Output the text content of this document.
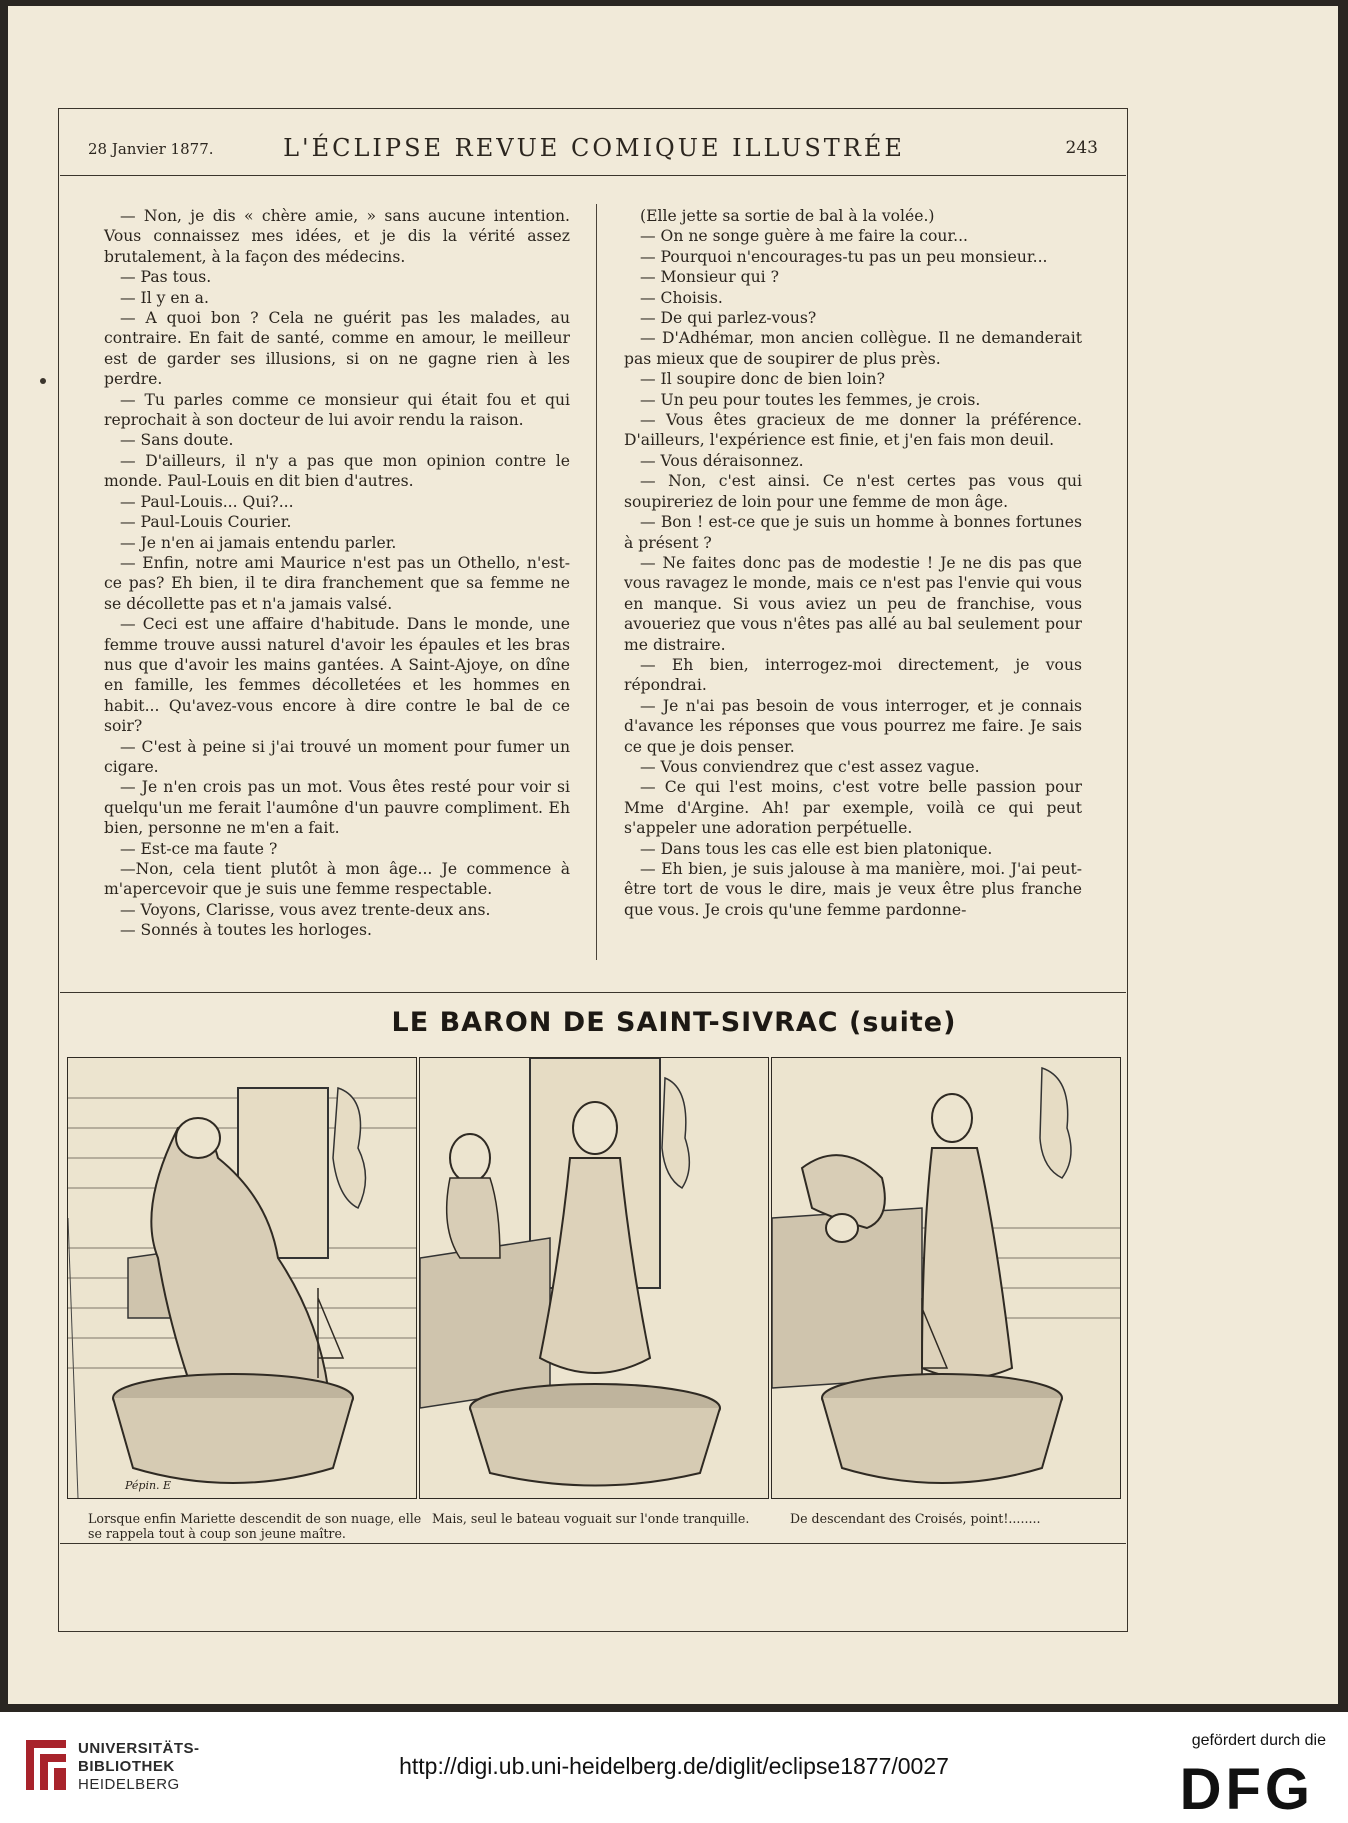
28 Janvier 1877.	L'ÉCLIPSE REVUE COMIQUE ILLUSTRÉE	243

— Non, je dis « chère amie, » sans aucune intention. Vous connaissez mes idées, et je dis la vérité assez brutalement, à la façon des médecins.

— Pas tous.

— Il y en a.

— A quoi bon ? Cela ne guérit pas les malades, au contraire. En fait de santé, comme en amour, le meilleur est de garder ses illusions, si on ne gagne rien à les perdre.

— Tu parles comme ce monsieur qui était fou et qui reprochait à son docteur de lui avoir rendu la raison.

— Sans doute.

— D'ailleurs, il n'y a pas que mon opinion contre le monde. Paul-Louis en dit bien d'autres.

— Paul-Louis... Qui?...

— Paul-Louis Courier.

— Je n'en ai jamais entendu parler.

— Enfin, notre ami Maurice n'est pas un Othello, n'est-ce pas? Eh bien, il te dira franchement que sa femme ne se décollette pas et n'a jamais valsé.

— Ceci est une affaire d'habitude. Dans le monde, une femme trouve aussi naturel d'avoir les épaules et les bras nus que d'avoir les mains gantées. A Saint-Ajoye, on dîne en famille, les femmes décolletées et les hommes en habit... Qu'avez-vous encore à dire contre le bal de ce soir?

— C'est à peine si j'ai trouvé un moment pour fumer un cigare.

— Je n'en crois pas un mot. Vous êtes resté pour voir si quelqu'un me ferait l'aumône d'un pauvre compliment. Eh bien, personne ne m'en a fait.

— Est-ce ma faute ?

—Non, cela tient plutôt à mon âge... Je commence à m'apercevoir que je suis une femme respectable.

— Voyons, Clarisse, vous avez trente-deux ans.

— Sonnés à toutes les horloges.

(Elle jette sa sortie de bal à la volée.)

— On ne songe guère à me faire la cour...

— Pourquoi n'encourages-tu pas un peu monsieur...

— Monsieur qui ?

— Choisis.

— De qui parlez-vous?

— D'Adhémar, mon ancien collègue. Il ne demanderait pas mieux que de soupirer de plus près.

— Il soupire donc de bien loin?

— Un peu pour toutes les femmes, je crois.

— Vous êtes gracieux de me donner la préférence. D'ailleurs, l'expérience est finie, et j'en fais mon deuil.

— Vous déraisonnez.

— Non, c'est ainsi. Ce n'est certes pas vous qui soupireriez de loin pour une femme de mon âge.

— Bon ! est-ce que je suis un homme à bonnes fortunes à présent ?

— Ne faites donc pas de modestie ! Je ne dis pas que vous ravagez le monde, mais ce n'est pas l'envie qui vous en manque. Si vous aviez un peu de franchise, vous avoueriez que vous n'êtes pas allé au bal seulement pour me distraire.

— Eh bien, interrogez-moi directement, je vous répondrai.

— Je n'ai pas besoin de vous interroger, et je connais d'avance les réponses que vous pourrez me faire. Je sais ce que je dois penser.

— Vous conviendrez que c'est assez vague.

— Ce qui l'est moins, c'est votre belle passion pour Mme d'Argine. Ah! par exemple, voilà ce qui peut s'appeler une adoration perpétuelle.

— Dans tous les cas elle est bien platonique.

— Eh bien, je suis jalouse à ma manière, moi. J'ai peut-être tort de vous le dire, mais je veux être plus franche que vous. Je crois qu'une femme pardonne-

LE BARON DE SAINT-SIVRAC (suite)
Pépin. E
Lorsque enfin Mariette descendit de son nuage, elle se rappela tout à coup son jeune maître.
Mais, seul le bateau voguait sur l'onde tranquille.	De descendant des Croisés, point!........
UNIVERSITÄTS-
BIBLIOTHEK
HEIDELBERG
http://digi.ub.uni-heidelberg.de/diglit/eclipse1877/0027
gefördert durch die
DFG
